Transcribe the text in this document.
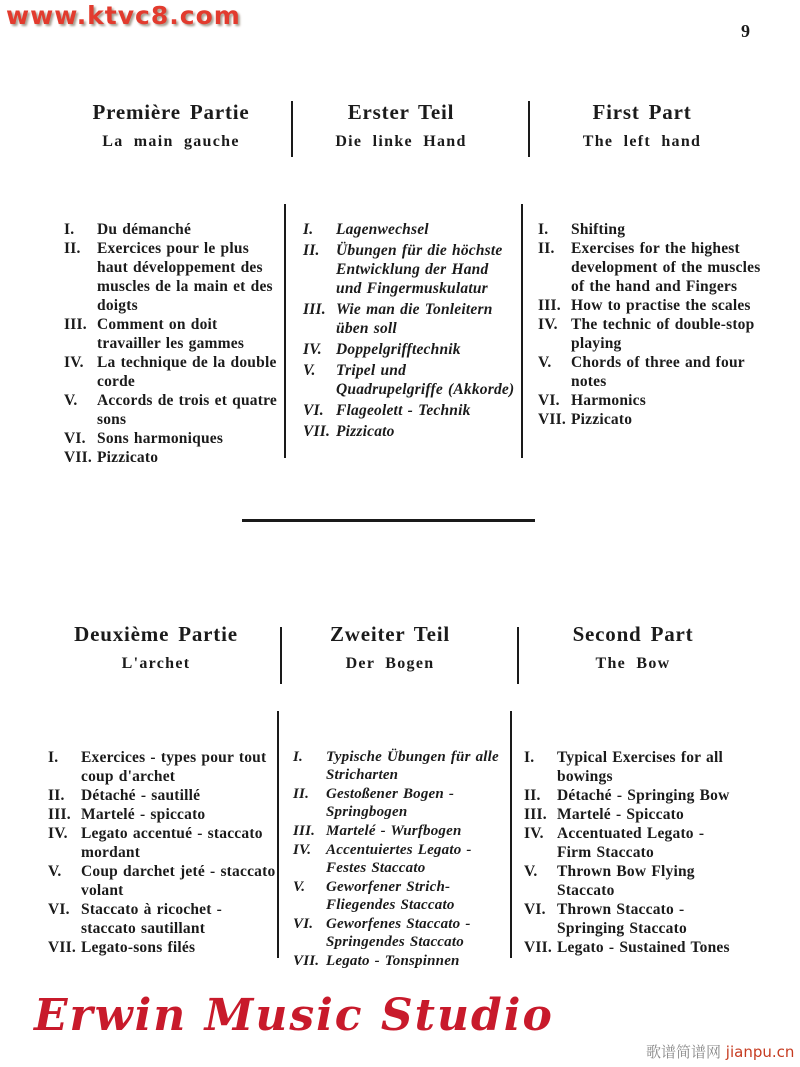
www.ktvc8.com
9
Première Partie
La main gauche
Erster Teil
Die linke Hand
First Part
The left hand
I.	Du démanché
II.	Exercices pour le plus haut développement des muscles de la main et des doigts
III. Comment on doit travailler les gammes
IV. La technique de la double corde
V.	Accords de trois et quatre sons
VI. Sons harmoniques
VII. Pizzicato
I.	Lagenwechsel
II.	Übungen für die höchste Entwicklung der Hand und Fingermuskulatur
III. Wie man die Tonleitern üben soll
IV. Doppelgrifftechnik
V.	Tripel und Quadrupelgriffe (Akkorde)
VI. Flageolett - Technik
VII. Pizzicato
I.	Shifting
II.	Exercises for the highest development of the muscles of the hand and Fingers
III. How to practise the scales
IV. The technic of double-stop playing
V.	Chords of three and four notes
VI. Harmonics
VII. Pizzicato
Deuxième Partie
L'archet
Zweiter Teil
Der Bogen
Second Part
The Bow
I.	Exercices - types pour tout coup d'archet
II.	Détaché - sautillé
III. Martelé - spiccato
IV. Legato accentué - staccato mordant
V.	Coup darchet jeté - staccato volant
VI. Staccato à ricochet - staccato sautillant
VII. Legato-sons filés
I.	Typische Übungen für alle Stricharten
II.	Gestoßener Bogen - Springbogen
III. Martelé - Wurfbogen
IV. Accentuiertes Legato - Festes Staccato
V.	Geworfener Strich-Fliegendes Staccato
VI. Geworfenes Staccato - Springendes Staccato
VII. Legato - Tonspinnen
I.	Typical Exercises for all bowings
II.	Détaché - Springing Bow
III. Martelé - Spiccato
IV. Accentuated Legato - Firm Staccato
V.	Thrown Bow Flying Staccato
VI. Thrown Staccato - Springing Staccato
VII. Legato - Sustained Tones
Erwin Music Studio
歌谱简谱网 jianpu.cn
